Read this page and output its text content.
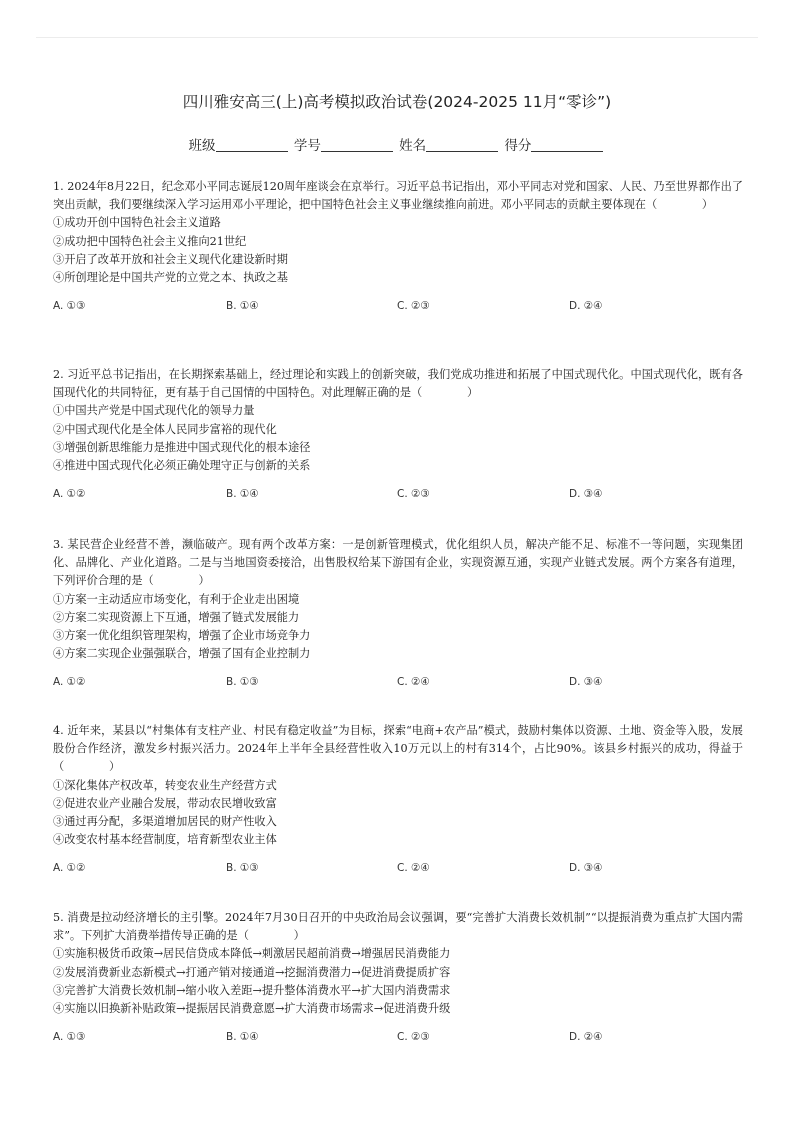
四川雅安高三(上)高考模拟政治试卷(2024-2025 11月“零诊”)
班级	学号	姓名	得分

1. 2024年8月22日，纪念邓小平同志诞辰120周年座谈会在京举行。习近平总书记指出，邓小平同志对党和国家、人民、乃至世界都作出了突出贡献，我们要继续深入学习运用邓小平理论，把中国特色社会主义事业继续推向前进。邓小平同志的贡献主要体现在（　　　　）

①成功开创中国特色社会主义道路

②成功把中国特色社会主义推向21世纪

③开启了改革开放和社会主义现代化建设新时期

④所创理论是中国共产党的立党之本、执政之基

A. ①③	B. ①④	C. ②③	D. ②④

2. 习近平总书记指出，在长期探索基础上，经过理论和实践上的创新突破，我们党成功推进和拓展了中国式现代化。中国式现代化，既有各国现代化的共同特征，更有基于自己国情的中国特色。对此理解正确的是（　　　　）

①中国共产党是中国式现代化的领导力量

②中国式现代化是全体人民同步富裕的现代化

③增强创新思维能力是推进中国式现代化的根本途径

④推进中国式现代化必须正确处理守正与创新的关系

A. ①②	B. ①④	C. ②③	D. ③④

3. 某民营企业经营不善，濒临破产。现有两个改革方案：一是创新管理模式，优化组织人员，解决产能不足、标准不一等问题，实现集团化、品牌化、产业化道路。二是与当地国资委接洽，出售股权给某下游国有企业，实现资源互通，实现产业链式发展。两个方案各有道理，下列评价合理的是（　　　　）

①方案一主动适应市场变化，有利于企业走出困境

②方案二实现资源上下互通，增强了链式发展能力

③方案一优化组织管理架构，增强了企业市场竞争力

④方案二实现企业强强联合，增强了国有企业控制力

A. ①②	B. ①③	C. ②④	D. ③④

4. 近年来，某县以“村集体有支柱产业、村民有稳定收益”为目标，探索“电商+农产品”模式，鼓励村集体以资源、土地、资金等入股，发展股份合作经济，激发乡村振兴活力。2024年上半年全县经营性收入10万元以上的村有314个，占比90%。该县乡村振兴的成功，得益于（　　　　）

①深化集体产权改革，转变农业生产经营方式

②促进农业产业融合发展，带动农民增收致富

③通过再分配，多渠道增加居民的财产性收入

④改变农村基本经营制度，培育新型农业主体

A. ①②	B. ①③	C. ②④	D. ③④

5. 消费是拉动经济增长的主引擎。2024年7月30日召开的中央政治局会议强调，要“完善扩大消费长效机制”“以提振消费为重点扩大国内需求”。下列扩大消费举措传导正确的是（　　　　）

①实施积极货币政策→居民信贷成本降低→刺激居民超前消费→增强居民消费能力

②发展消费新业态新模式→打通产销对接通道→挖掘消费潜力→促进消费提质扩容

③完善扩大消费长效机制→缩小收入差距→提升整体消费水平→扩大国内消费需求

④实施以旧换新补贴政策→提振居民消费意愿→扩大消费市场需求→促进消费升级

A. ①③	B. ①④	C. ②③	D. ②④
